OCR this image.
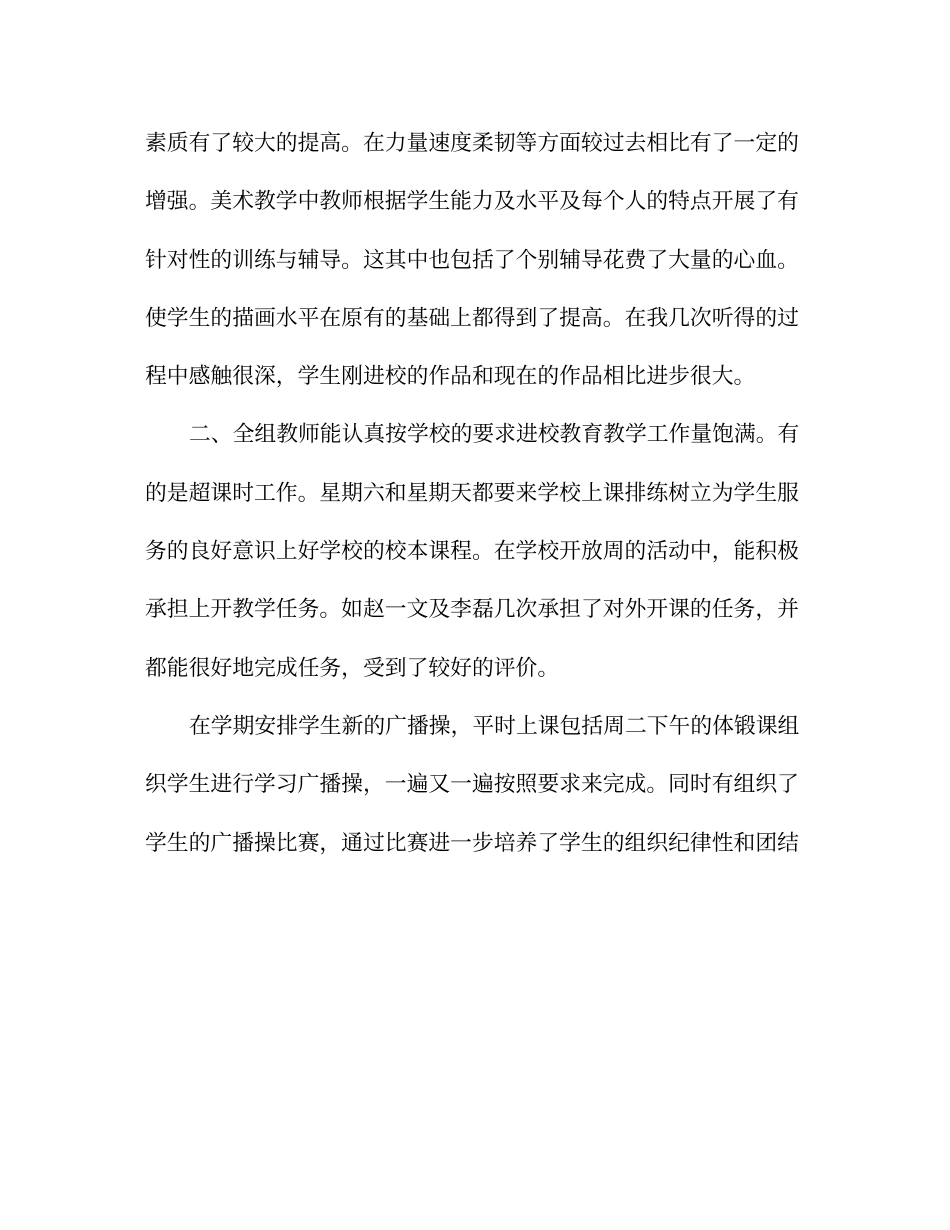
素质有了较大的提高。在力量速度柔韧等方面较过去相比有了一定的
增强。美术教学中教师根据学生能力及水平及每个人的特点开展了有
针对性的训练与辅导。这其中也包括了个别辅导花费了大量的心血。
使学生的描画水平在原有的基础上都得到了提高。在我几次听得的过
程中感触很深，学生刚进校的作品和现在的作品相比进步很大。
二、全组教师能认真按学校的要求进校教育教学工作量饱满。有
的是超课时工作。星期六和星期天都要来学校上课排练树立为学生服
务的良好意识上好学校的校本课程。在学校开放周的活动中，能积极
承担上开教学任务。如赵一文及李磊几次承担了对外开课的任务，并
都能很好地完成任务，受到了较好的评价。
在学期安排学生新的广播操，平时上课包括周二下午的体锻课组
织学生进行学习广播操，一遍又一遍按照要求来完成。同时有组织了
学生的广播操比赛，通过比赛进一步培养了学生的组织纪律性和团结
